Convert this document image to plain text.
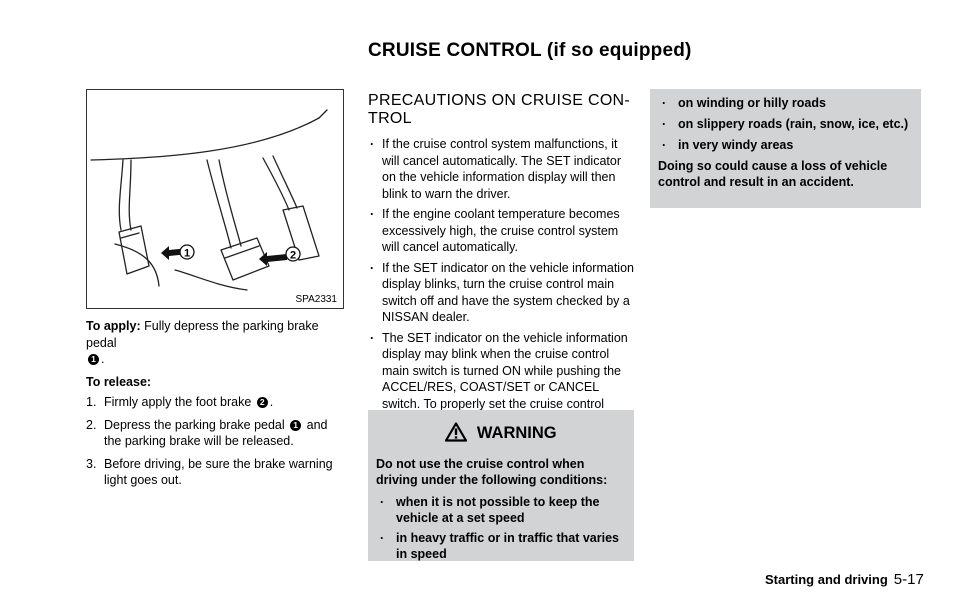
CRUISE CONTROL (if so equipped)
1	2
SPA2331

To apply: Fully depress the parking brake pedal
1 .

To release:

1. Firmly apply the foot brake 2 .
2. Depress the parking brake pedal 1 and the parking brake will be released.
3. Before driving, be sure the brake warning light goes out.
PRECAUTIONS ON CRUISE CON-TROL
. If the cruise control system malfunctions, it will cancel automatically. The SET indicator on the vehicle information display will then blink to warn the driver.
. If the engine coolant temperature becomes excessively high, the cruise control system will cancel automatically.
. If the SET indicator on the vehicle information display blinks, turn the cruise control main switch off and have the system checked by a NISSAN dealer.
. The SET indicator on the vehicle information display may blink when the cruise control main switch is turned ON while pushing the ACCEL/RES, COAST/SET or CANCEL switch. To properly set the cruise control
WARNING

Do not use the cruise control when driving under the following conditions:

. when it is not possible to keep the vehicle at a set speed
. in heavy traffic or in traffic that varies in speed
. on winding or hilly roads
. on slippery roads (rain, snow, ice, etc.)
. in very windy areas

Doing so could cause a loss of vehicle control and result in an accident.

Starting and driving 5-17
